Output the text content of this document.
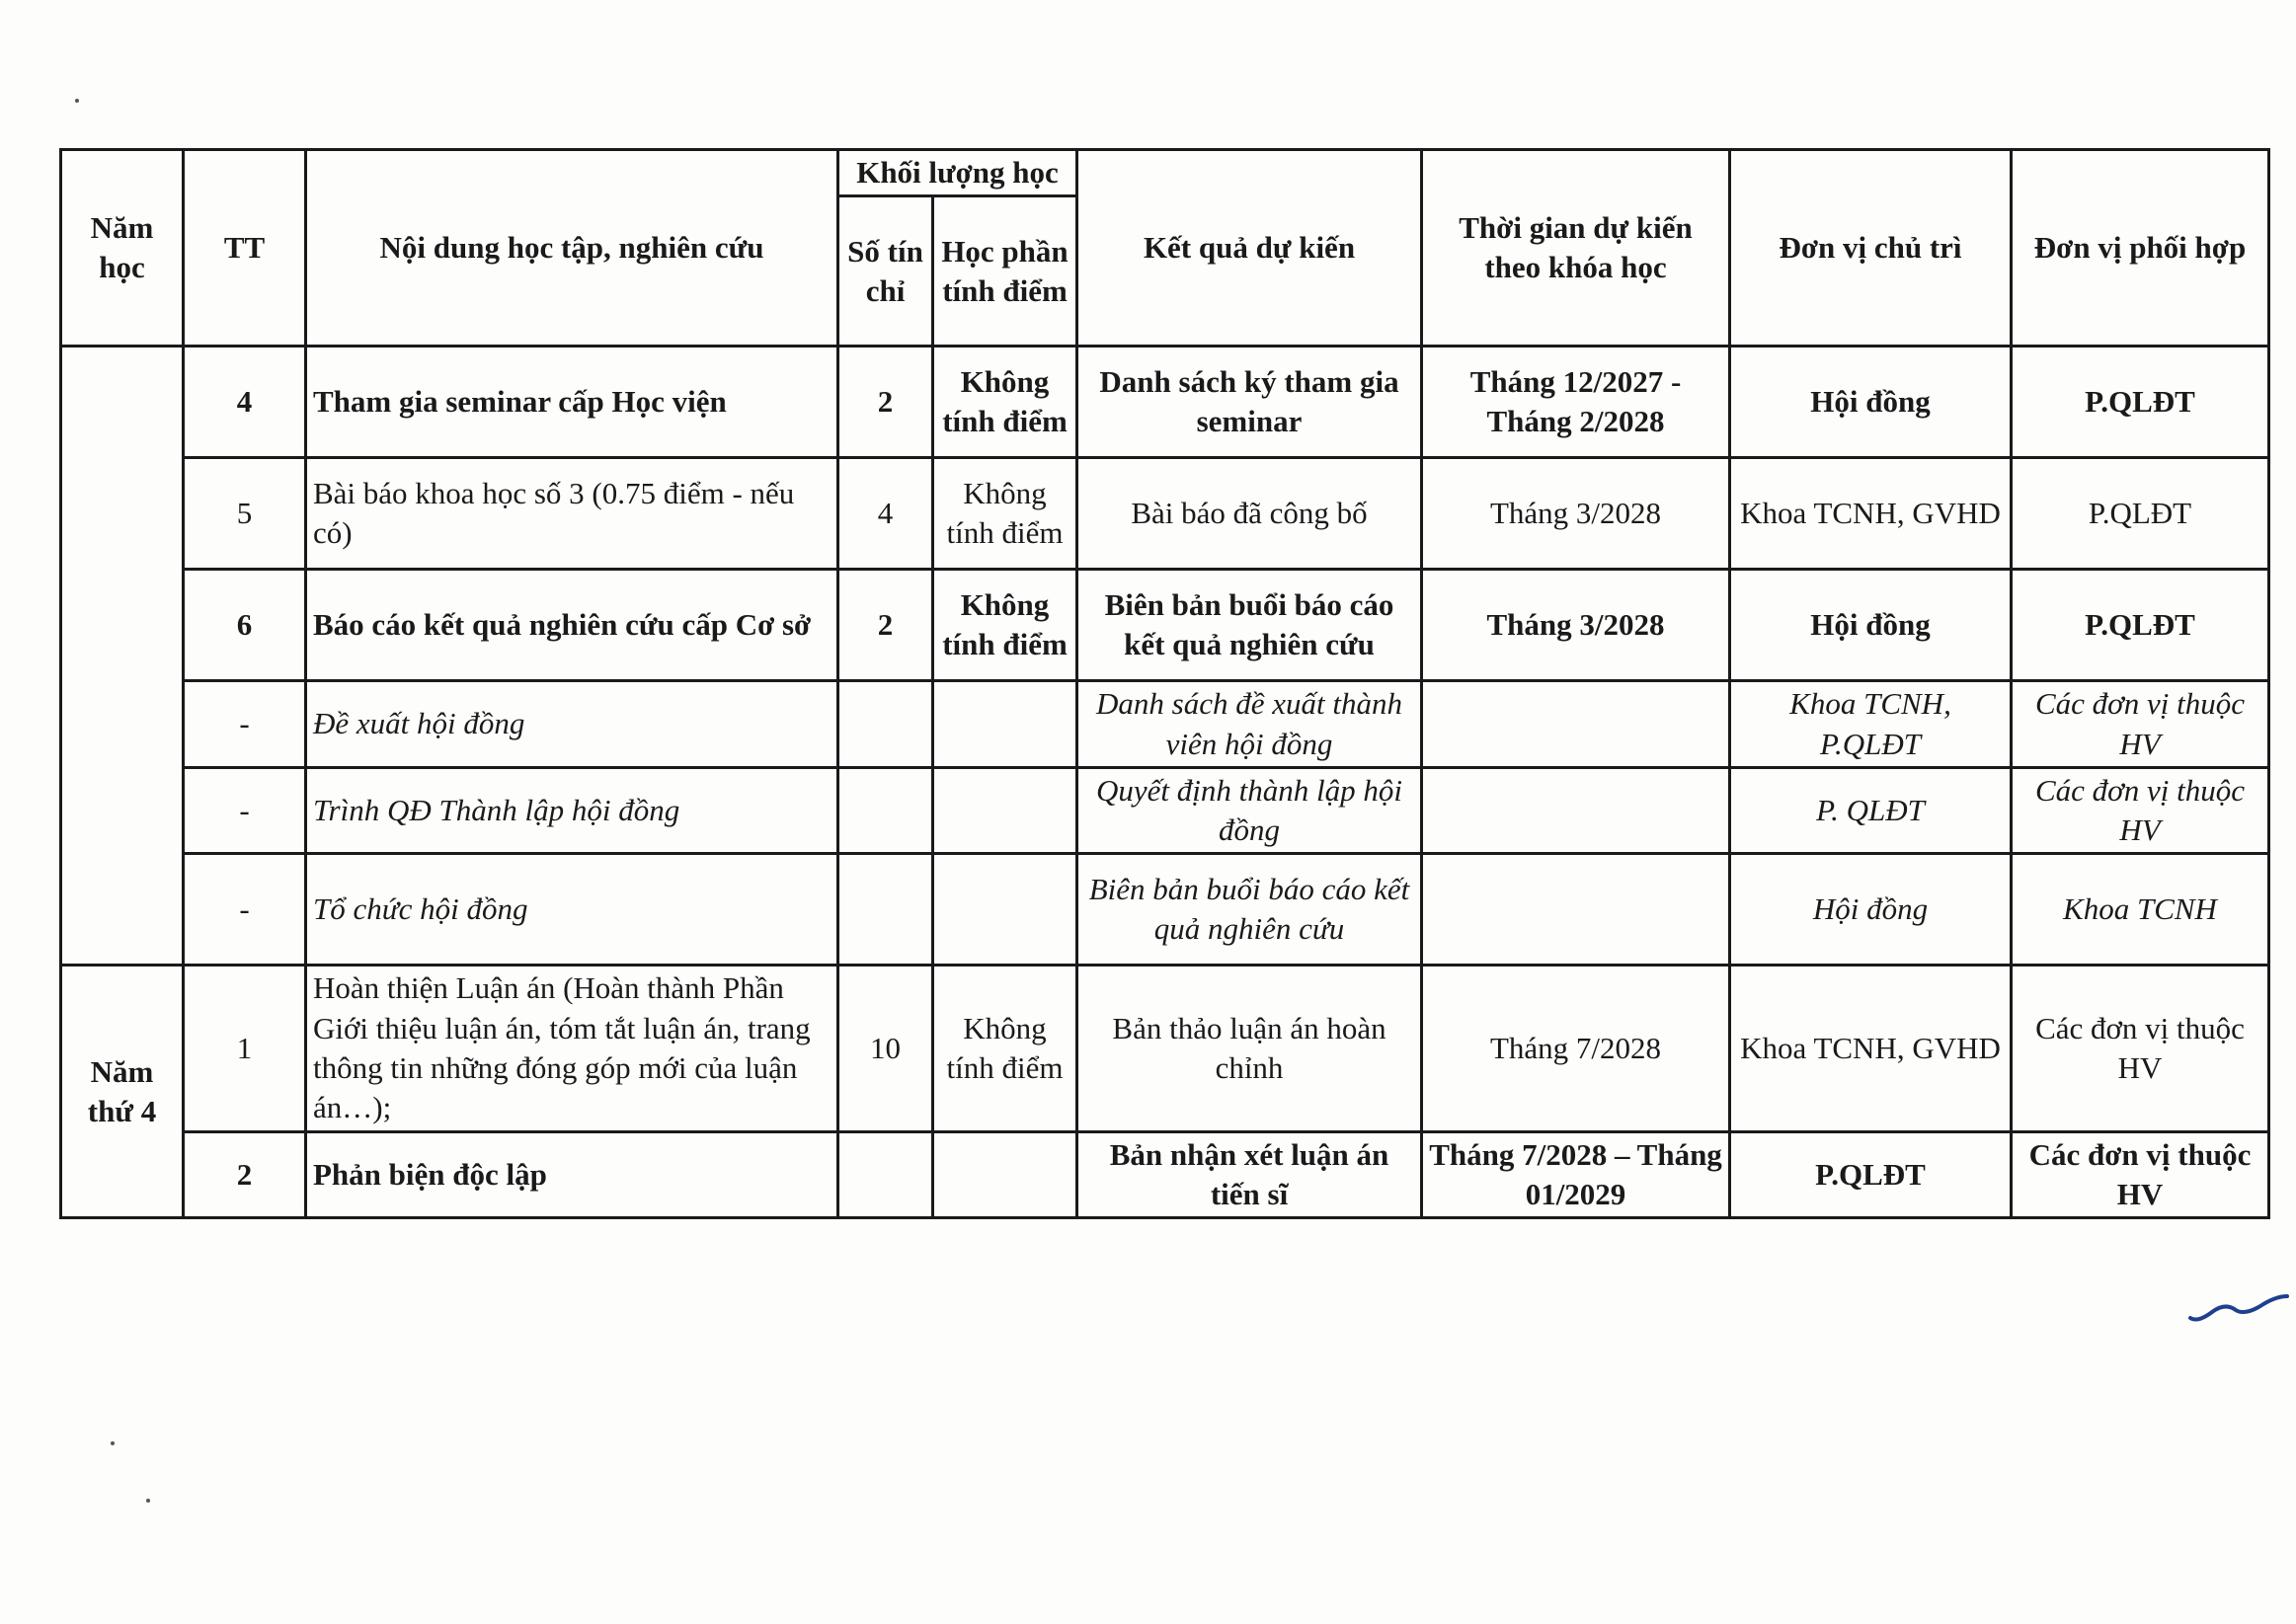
Năm học	TT	Nội dung học tập, nghiên cứu	Khối lượng học		Kết quả dự kiến	Thời gian dự kiến theo khóa học	Đơn vị chủ trì	Đơn vị phối hợp
			Số tín chỉ	Học phần tính điểm				
	4	Tham gia seminar cấp Học viện	2	Không tính điểm	Danh sách ký tham gia seminar	Tháng 12/2027 - Tháng 2/2028	Hội đồng	P.QLĐT
	5	Bài báo khoa học số 3 (0.75 điểm - nếu có)	4	Không tính điểm	Bài báo đã công bố	Tháng 3/2028	Khoa TCNH, GVHD	P.QLĐT
	6	Báo cáo kết quả nghiên cứu cấp Cơ sở	2	Không tính điểm	Biên bản buổi báo cáo kết quả nghiên cứu	Tháng 3/2028	Hội đồng	P.QLĐT
	-	Đề xuất hội đồng			Danh sách đề xuất thành viên hội đồng		Khoa TCNH, P.QLĐT	Các đơn vị thuộc HV
	-	Trình QĐ Thành lập hội đồng			Quyết định thành lập hội đồng		P. QLĐT	Các đơn vị thuộc HV
	-	Tổ chức hội đồng			Biên bản buổi báo cáo kết quả nghiên cứu		Hội đồng	Khoa TCNH
Năm thứ 4	1	Hoàn thiện Luận án (Hoàn thành Phần Giới thiệu luận án, tóm tắt luận án, trang thông tin những đóng góp mới của luận án…);	10	Không tính điểm	Bản thảo luận án hoàn chỉnh	Tháng 7/2028	Khoa TCNH, GVHD	Các đơn vị thuộc HV
	2	Phản biện độc lập			Bản nhận xét luận án tiến sĩ	Tháng 7/2028 – Tháng 01/2029	P.QLĐT	Các đơn vị thuộc HV
